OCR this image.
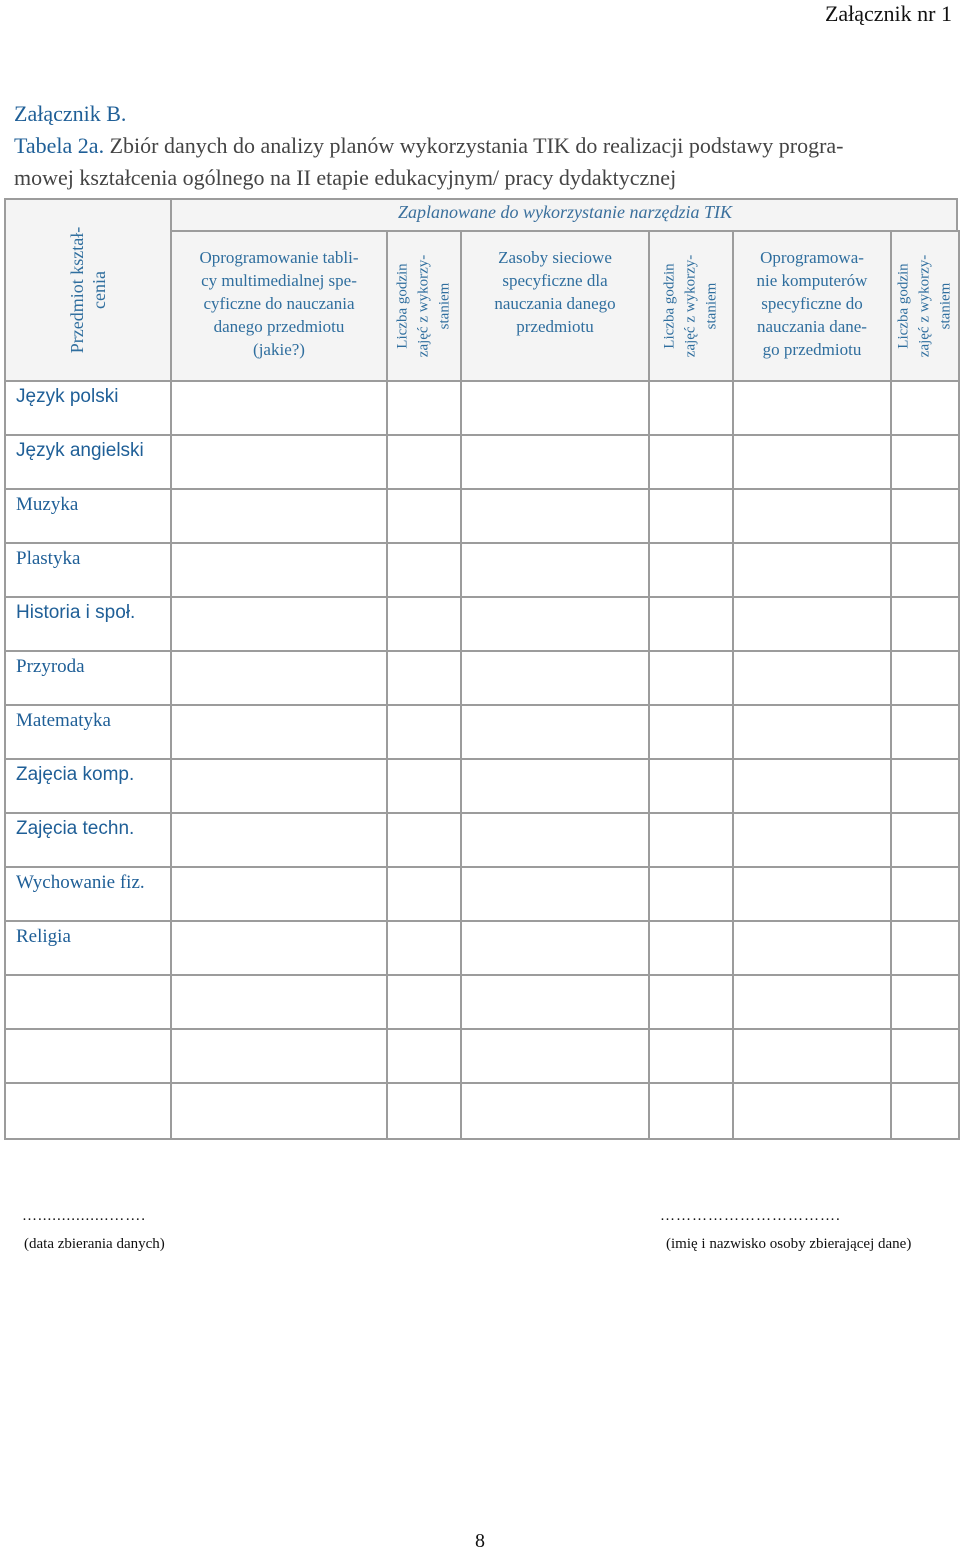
Załącznik nr 1
Załącznik B.
Tabela 2a. Zbiór danych do analizy planów wykorzystania TIK do realizacji podstawy progra-
mowej kształcenia ogólnego na II etapie edukacyjnym/ pracy dydaktycznej
Przedmiot kształ- cenia
Zaplanowane do wykorzystanie narzędzia TIK
Oprogramowanie tabli-
cy multimedialnej spe-
cyficzne do nauczania
danego przedmiotu
(jakie?)
Liczba godzin zajęć z wykorzy- staniem
Zasoby sieciowe
specyficzne dla
nauczania danego
przedmiotu	Liczba godzin zajęć z wykorzy- staniem
Oprogramowa-
nie komputerów
specyficzne do
nauczania dane-
go przedmiotu
Liczba godzin zajęć z wykorzy- staniem
Język polski
Język angielski
Muzyka
Plastyka
Historia i społ.
Przyroda
Matematyka
Zajęcia komp.
Zajęcia techn.
Wychowanie fiz.
Religia
…...............…….
(data zbierania danych)
…………………………….
(imię i nazwisko osoby zbierającej dane)
8
